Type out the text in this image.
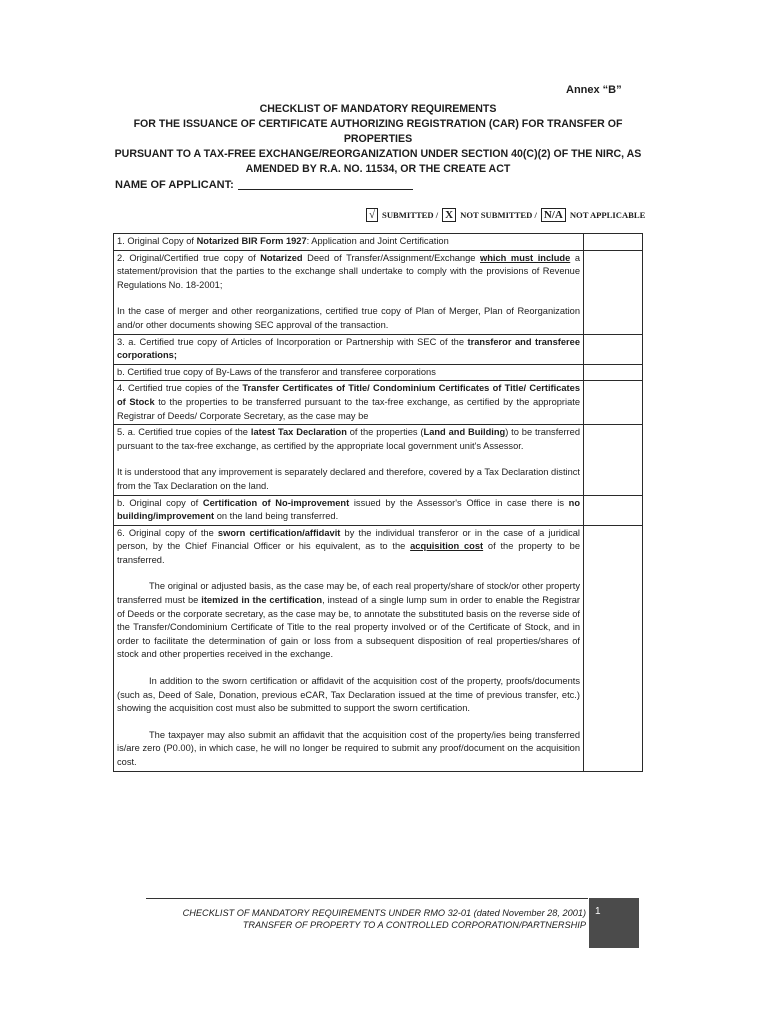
Annex “B”
CHECKLIST OF MANDATORY REQUIREMENTS
FOR THE ISSUANCE OF CERTIFICATE AUTHORIZING REGISTRATION (CAR) FOR TRANSFER OF PROPERTIES
PURSUANT TO A TAX-FREE EXCHANGE/REORGANIZATION UNDER SECTION 40(C)(2) OF THE NIRC, AS
AMENDED BY R.A. NO. 11534, OR THE CREATE ACT
NAME OF APPLICANT:
√ SUBMITTED / X NOT SUBMITTED / N/A NOT APPLICABLE
1. Original Copy of Notarized BIR Form 1927: Application and Joint Certification	

2. Original/Certified true copy of Notarized Deed of Transfer/Assignment/Exchange which must include a statement/provision that the parties to the exchange shall undertake to comply with the provisions of Revenue Regulations No. 18-2001;

In the case of merger and other reorganizations, certified true copy of Plan of Merger, Plan of Reorganization and/or other documents showing SEC approval of the transaction.	

3. a. Certified true copy of Articles of Incorporation or Partnership with SEC of the transferor and transferee corporations;	
b. Certified true copy of By-Laws of the transferor and transferee corporations	
4. Certified true copies of the Transfer Certificates of Title/ Condominium Certificates of Title/ Certificates of Stock to the properties to be transferred pursuant to the tax-free exchange, as certified by the appropriate Registrar of Deeds/ Corporate Secretary, as the case may be	

5. a. Certified true copies of the latest Tax Declaration of the properties (Land and Building) to be transferred pursuant to the tax-free exchange, as certified by the appropriate local government unit's Assessor.

It is understood that any improvement is separately declared and therefore, covered by a Tax Declaration distinct from the Tax Declaration on the land.	

b. Original copy of Certification of No-improvement issued by the Assessor's Office in case there is no building/improvement on the land being transferred.	

6. Original copy of the sworn certification/affidavit by the individual transferor or in the case of a juridical person, by the Chief Financial Officer or his equivalent, as to the acquisition cost of the property to be transferred.

The original or adjusted basis, as the case may be, of each real property/share of stock/or other property transferred must be itemized in the certification, instead of a single lump sum in order to enable the Registrar of Deeds or the corporate secretary, as the case may be, to annotate the substituted basis on the reverse side of the Transfer/Condominium Certificate of Title to the real property involved or of the Certificate of Stock, and in order to facilitate the determination of gain or loss from a subsequent disposition of real properties/shares of stock and other properties received in the exchange.

In addition to the sworn certification or affidavit of the acquisition cost of the property, proofs/documents (such as, Deed of Sale, Donation, previous eCAR, Tax Declaration issued at the time of previous transfer, etc.) showing the acquisition cost must also be submitted to support the sworn certification.

The taxpayer may also submit an affidavit that the acquisition cost of the property/ies being transferred is/are zero (P0.00), in which case, he will no longer be required to submit any proof/document on the acquisition cost.	

CHECKLIST OF MANDATORY REQUIREMENTS UNDER RMO 32-01 (dated November 28, 2001)
TRANSFER OF PROPERTY TO A CONTROLLED CORPORATION/PARTNERSHIP
1
